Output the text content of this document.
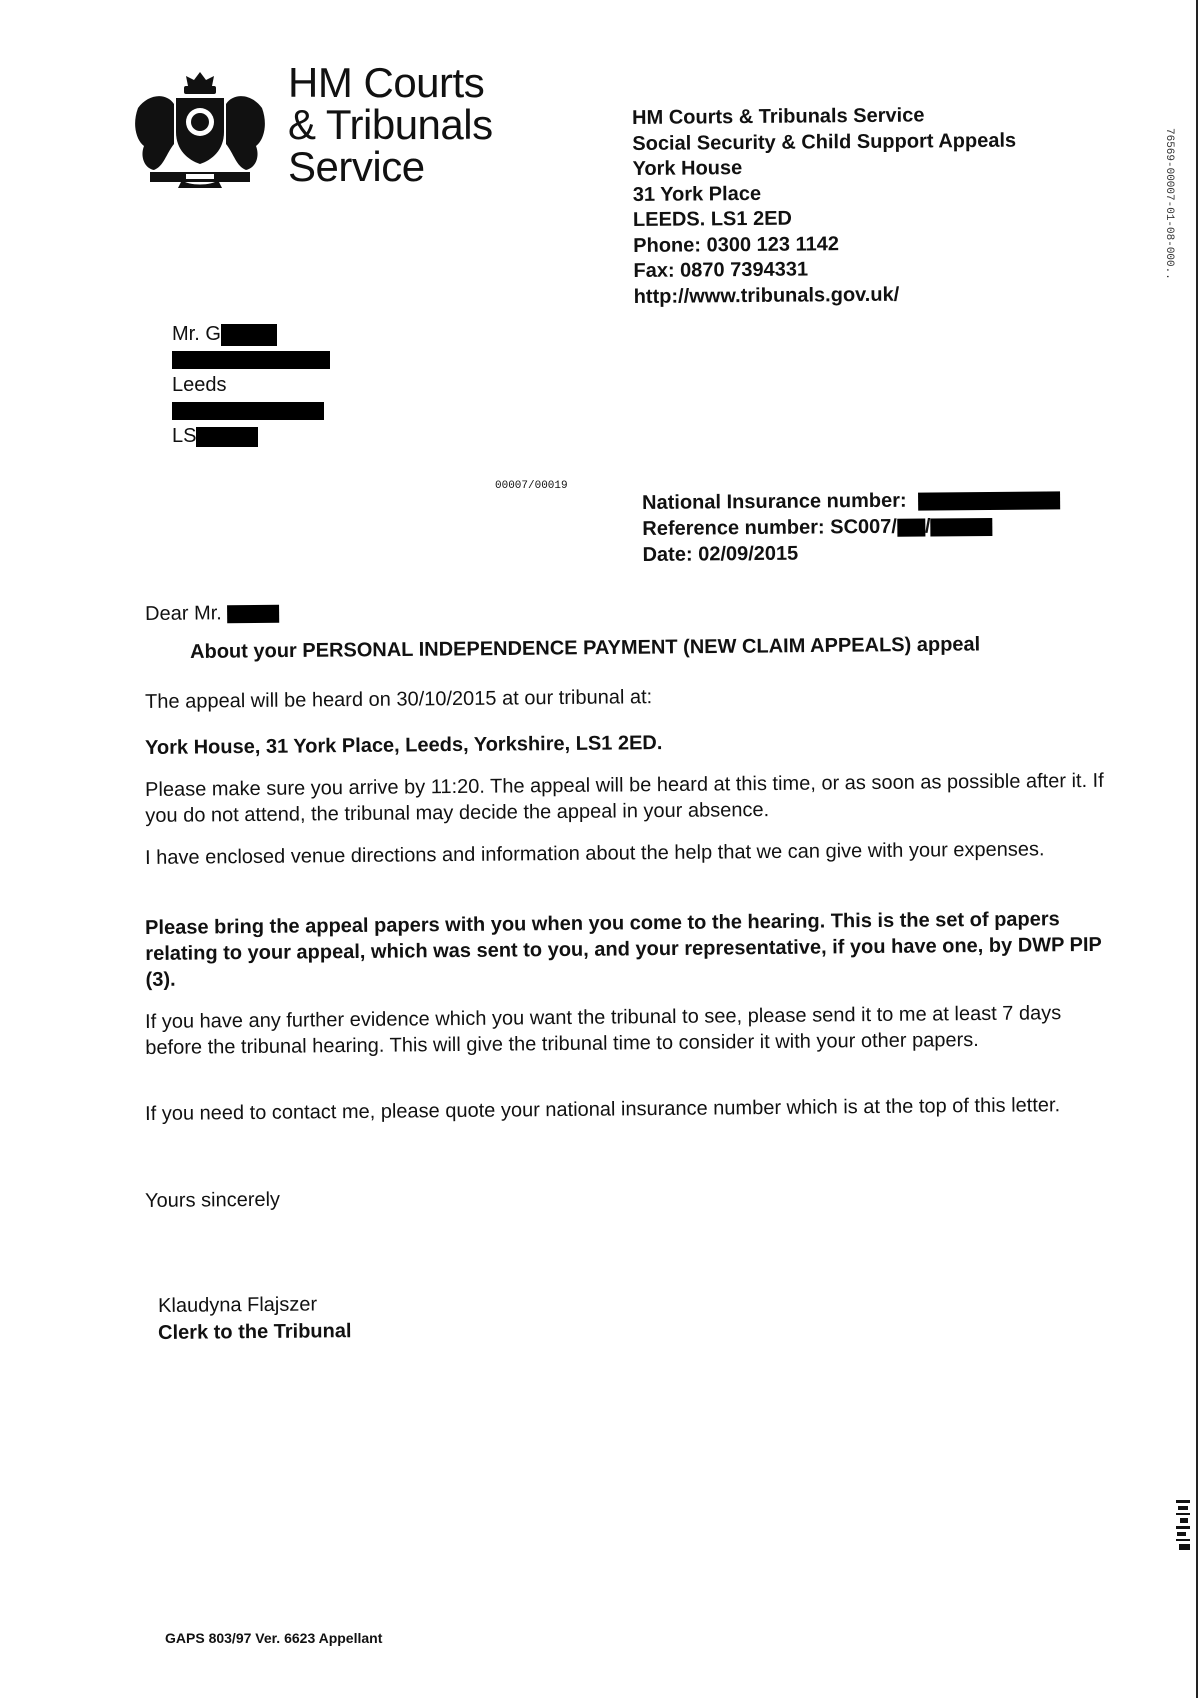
HM Courts
& Tribunals
Service
HM Courts & Tribunals Service
Social Security & Child Support Appeals
York House
31 York Place
LEEDS. LS1 2ED
Phone: 0300 123 1142
Fax: 0870 7394331
http://www.tribunals.gov.uk/
76569-00007-01-08-000..
Mr. G
Leeds
LS
00007/00019
National Insurance number:
Reference number: SC007/ /
Date: 02/09/2015
Dear Mr.
About your PERSONAL INDEPENDENCE PAYMENT (NEW CLAIM APPEALS) appeal
The appeal will be heard on 30/10/2015 at our tribunal at:
York House, 31 York Place, Leeds, Yorkshire, LS1 2ED.
Please make sure you arrive by 11:20. The appeal will be heard at this time, or as soon as possible after it. If you do not attend, the tribunal may decide the appeal in your absence.
I have enclosed venue directions and information about the help that we can give with your expenses.
Please bring the appeal papers with you when you come to the hearing. This is the set of papers relating to your appeal, which was sent to you, and your representative, if you have one, by DWP PIP (3).
If you have any further evidence which you want the tribunal to see, please send it to me at least 7 days before the tribunal hearing. This will give the tribunal time to consider it with your other papers.
If you need to contact me, please quote your national insurance number which is at the top of this letter.
Yours sincerely
Klaudyna Flajszer
Clerk to the Tribunal
GAPS 803/97 Ver. 6623 Appellant
